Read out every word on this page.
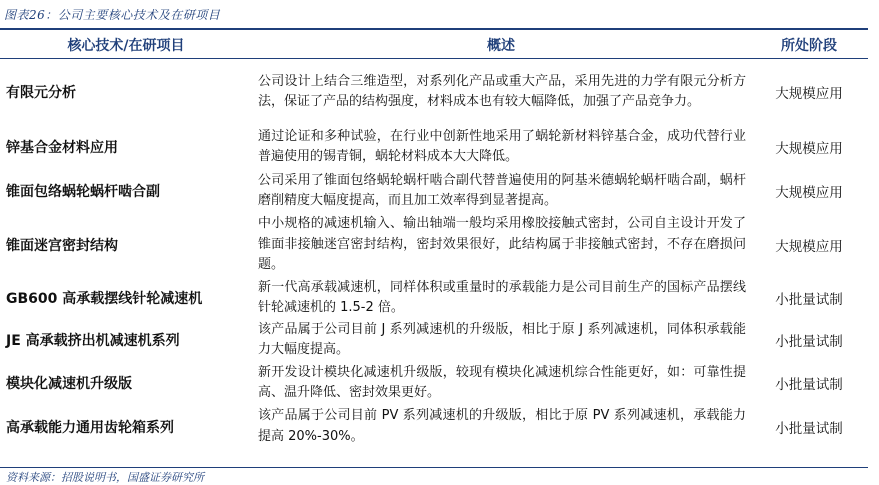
图表26：公司主要核心技术及在研项目
核心技术/在研项目	概述	所处阶段
有限元分析	公司设计上结合三维造型，对系列化产品或重大产品，采用先进的力学有限元分析方法，保证了产品的结构强度，材料成本也有较大幅降低，加强了产品竞争力。	大规模应用
锌基合金材料应用	通过论证和多种试验，在行业中创新性地采用了蜗轮新材料锌基合金，成功代替行业普遍使用的锡青铜，蜗轮材料成本大大降低。	大规模应用
锥面包络蜗轮蜗杆啮合副	公司采用了锥面包络蜗轮蜗杆啮合副代替普遍使用的阿基米德蜗轮蜗杆啮合副，蜗杆磨削精度大幅度提高，而且加工效率得到显著提高。	大规模应用
锥面迷宫密封结构	中小规格的减速机输入、输出轴端一般均采用橡胶接触式密封，公司自主设计开发了锥面非接触迷宫密封结构，密封效果很好，此结构属于非接触式密封，不存在磨损问题。	大规模应用
GB600 高承载摆线针轮减速机	新一代高承载减速机，同样体积或重量时的承载能力是公司目前生产的国标产品摆线针轮减速机的 1.5-2 倍。	小批量试制
JE 高承载挤出机减速机系列	该产品属于公司目前 J 系列减速机的升级版，相比于原 J 系列减速机，同体积承载能力大幅度提高。	小批量试制
模块化减速机升级版	新开发设计模块化减速机升级版，较现有模块化减速机综合性能更好，如：可靠性提高、温升降低、密封效果更好。	小批量试制
高承载能力通用齿轮箱系列	该产品属于公司目前 PV 系列减速机的升级版，相比于原 PV 系列减速机，承载能力提高 20%-30%。	小批量试制
资料来源：招股说明书，国盛证券研究所
